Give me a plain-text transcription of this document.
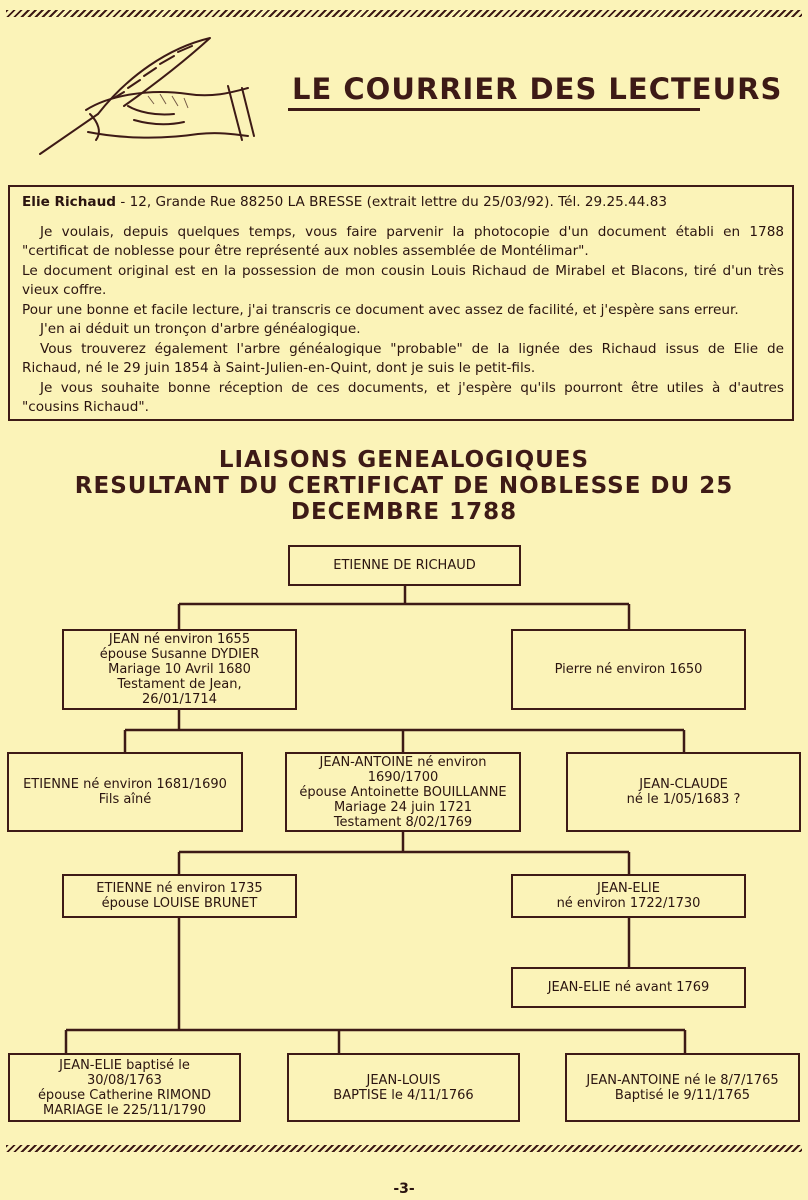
LE COURRIER DES LECTEURS

Elie Richaud - 12, Grande Rue 88250 LA BRESSE (extrait lettre du 25/03/92). Tél. 29.25.44.83

Je voulais, depuis quelques temps, vous faire parvenir la photocopie d'un document établi en 1788 "certificat de noblesse pour être représenté aux nobles assemblée de Montélimar".

Le document original est en la possession de mon cousin Louis Richaud de Mirabel et Blacons, tiré d'un très vieux coffre.

Pour une bonne et facile lecture, j'ai transcris ce document avec assez de facilité, et j'espère sans erreur.

J'en ai déduit un tronçon d'arbre généalogique.

Vous trouverez également l'arbre généalogique "probable" de la lignée des Richaud issus de Elie de Richaud, né le 29 juin 1854 à Saint-Julien-en-Quint, dont je suis le petit-fils.

Je vous souhaite bonne réception de ces documents, et j'espère qu'ils pourront être utiles à d'autres "cousins Richaud".

LIAISONS GENEALOGIQUES
RESULTANT DU CERTIFICAT DE NOBLESSE DU 25 DECEMBRE 1788
ETIENNE DE RICHAUD
JEAN né environ 1655
épouse Susanne DYDIER
Mariage 10 Avril 1680
Testament de Jean,
26/01/1714
Pierre né environ 1650
ETIENNE né environ 1681/1690
Fils aîné
JEAN-ANTOINE né environ
1690/1700
épouse Antoinette BOUILLANNE
Mariage 24 juin 1721
Testament 8/02/1769
JEAN-CLAUDE
né le 1/05/1683 ?
ETIENNE né environ 1735
épouse LOUISE BRUNET
JEAN-ELIE
né environ 1722/1730
JEAN-ELIE né avant 1769
JEAN-ELIE baptisé le
30/08/1763
épouse Catherine RIMOND
MARIAGE le 225/11/1790
JEAN-LOUIS
BAPTISE le 4/11/1766
JEAN-ANTOINE né le 8/7/1765
Baptisé le 9/11/1765
-3-
